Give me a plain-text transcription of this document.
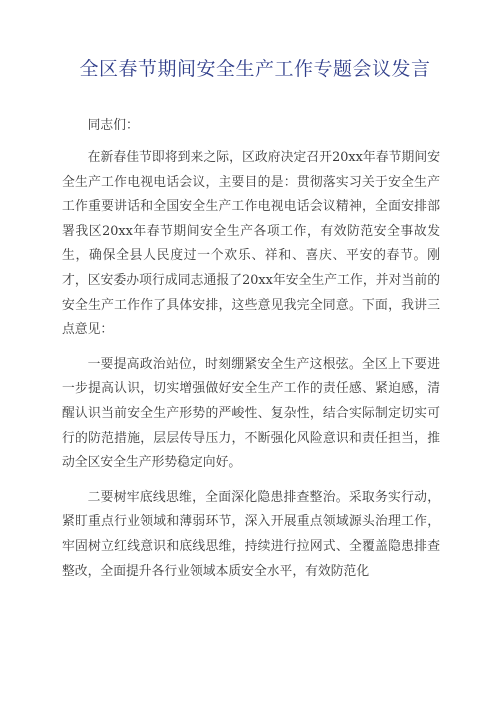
全区春节期间安全生产工作专题会议发言

同志们：

在新春佳节即将到来之际，区政府决定召开20xx年春节期间安全生产工作电视电话会议，主要目的是：贯彻落实习关于安全生产工作重要讲话和全国安全生产工作电视电话会议精神，全面安排部署我区20xx年春节期间安全生产各项工作，有效防范安全事故发生，确保全县人民度过一个欢乐、祥和、喜庆、平安的春节。刚才，区安委办项行成同志通报了20xx年安全生产工作，并对当前的安全生产工作作了具体安排，这些意见我完全同意。下面，我讲三点意见：

一要提高政治站位，时刻绷紧安全生产这根弦。全区上下要进一步提高认识，切实增强做好安全生产工作的责任感、紧迫感，清醒认识当前安全生产形势的严峻性、复杂性，结合实际制定切实可行的防范措施，层层传导压力，不断强化风险意识和责任担当，推动全区安全生产形势稳定向好。

二要树牢底线思维，全面深化隐患排查整治。采取务实行动，紧盯重点行业领域和薄弱环节，深入开展重点领域源头治理工作，牢固树立红线意识和底线思维，持续进行拉网式、全覆盖隐患排查整改，全面提升各行业领域本质安全水平，有效防范化
